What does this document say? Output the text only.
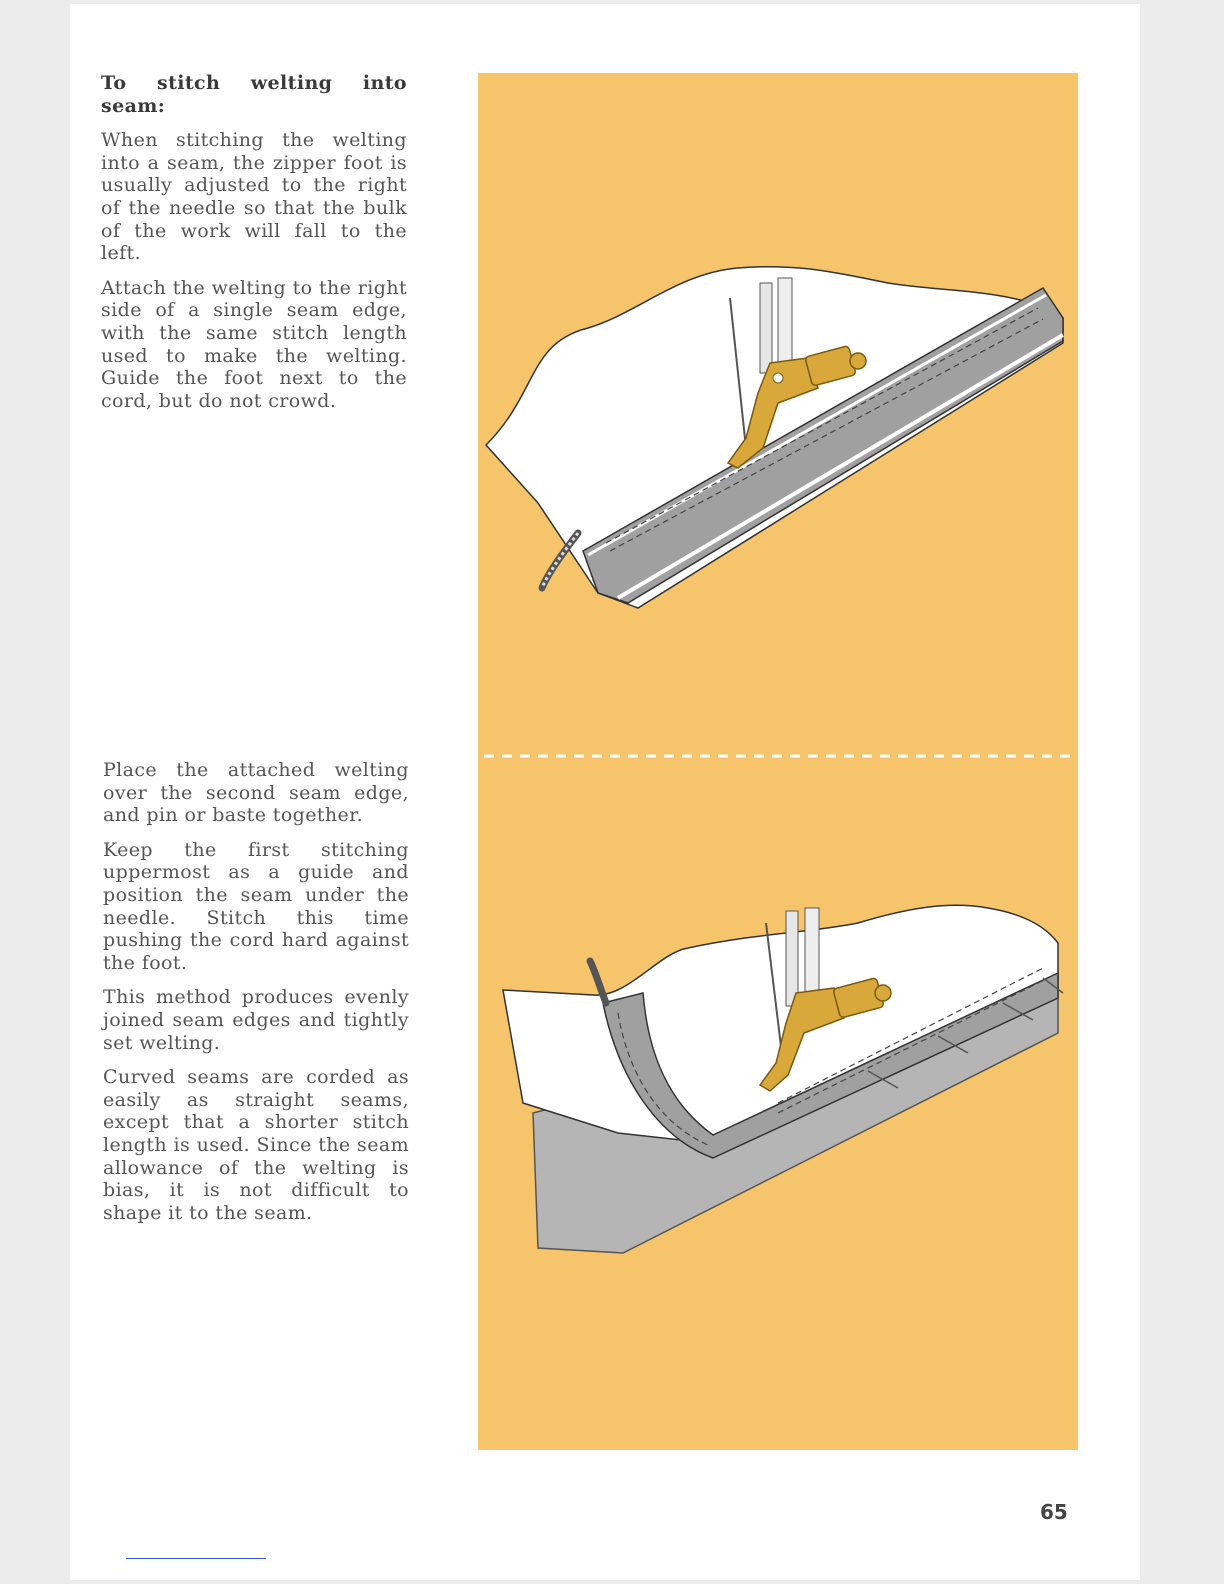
To stitch welting into seam:

When stitching the welting into a seam, the zipper foot is usually adjusted to the right of the needle so that the bulk of the work will fall to the left.

Attach the welting to the right side of a single seam edge, with the same stitch length used to make the welting. Guide the foot next to the cord, but do not crowd.

Place the attached welting over the second seam edge, and pin or baste together.

Keep the first stitching uppermost as a guide and position the seam under the needle. Stitch this time pushing the cord hard against the foot.

This method produces evenly joined seam edges and tightly set welting.

Curved seams are corded as easily as straight seams, except that a shorter stitch length is used. Since the seam allowance of the welting is bias, it is not difficult to shape it to the seam.

65
